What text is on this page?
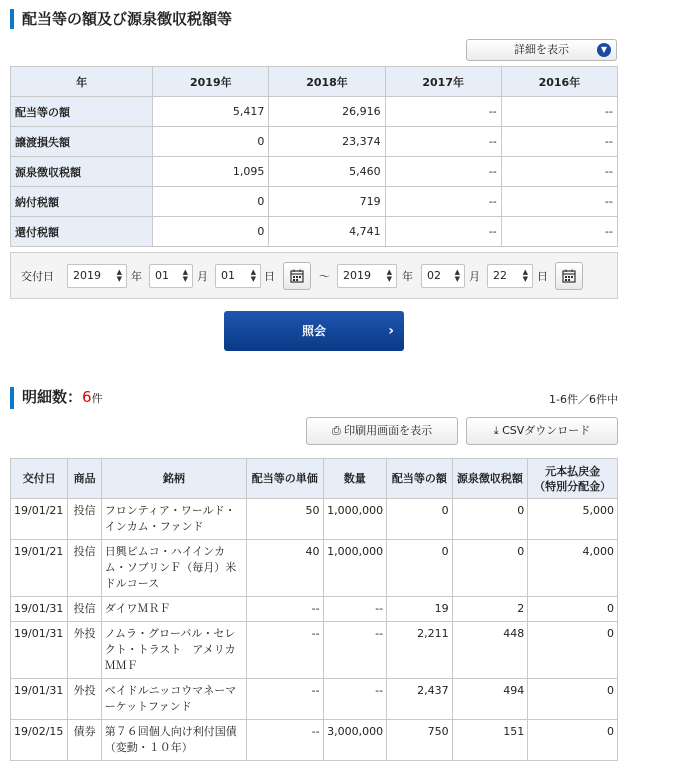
配当等の額及び源泉徴収税額等
詳細を表示	▼
年	2019年	2018年	2017年	2016年
配当等の額	5,417	26,916	--	--
譲渡損失額	0	23,374	--	--
源泉徴収税額	1,095	5,460	--	--
納付税額	0	719	--	--
還付税額	0	4,741	--	--
交付日	2019 ▲
▼ 年	01 ▲
▼ 月	01 ▲
▼ 日	～	2019 ▲
▼ 年	02 ▲
▼ 月	22 ▲
▼ 日
照会	›
明細数：6件	1-6件／6件中
⎙ 印刷用画面を表示	⤓ CSVダウンロード
交付日	商品	銘柄	配当等の単価	数量	配当等の額	源泉徴収税額	元本払戻金
（特別分配金）
19/01/21	投信	フロンティア・ワールド・インカム・ファンド	50	1,000,000	0	0	5,000
19/01/21	投信	日興ピムコ・ハイインカム・ソブリンＦ（毎月）米ドルコース	40	1,000,000	0	0	4,000
19/01/31	投信	ダイワＭＲＦ	--	--	19	2	0
19/01/31	外投	ノムラ・グローバル・セレクト・トラスト　アメリカＭＭＦ	--	--	2,211	448	0
19/01/31	外投	ベイドルニッコウマネーマーケットファンド	--	--	2,437	494	0
19/02/15	債券	第７６回個人向け利付国債（変動・１０年）	--	3,000,000	750	151	0
